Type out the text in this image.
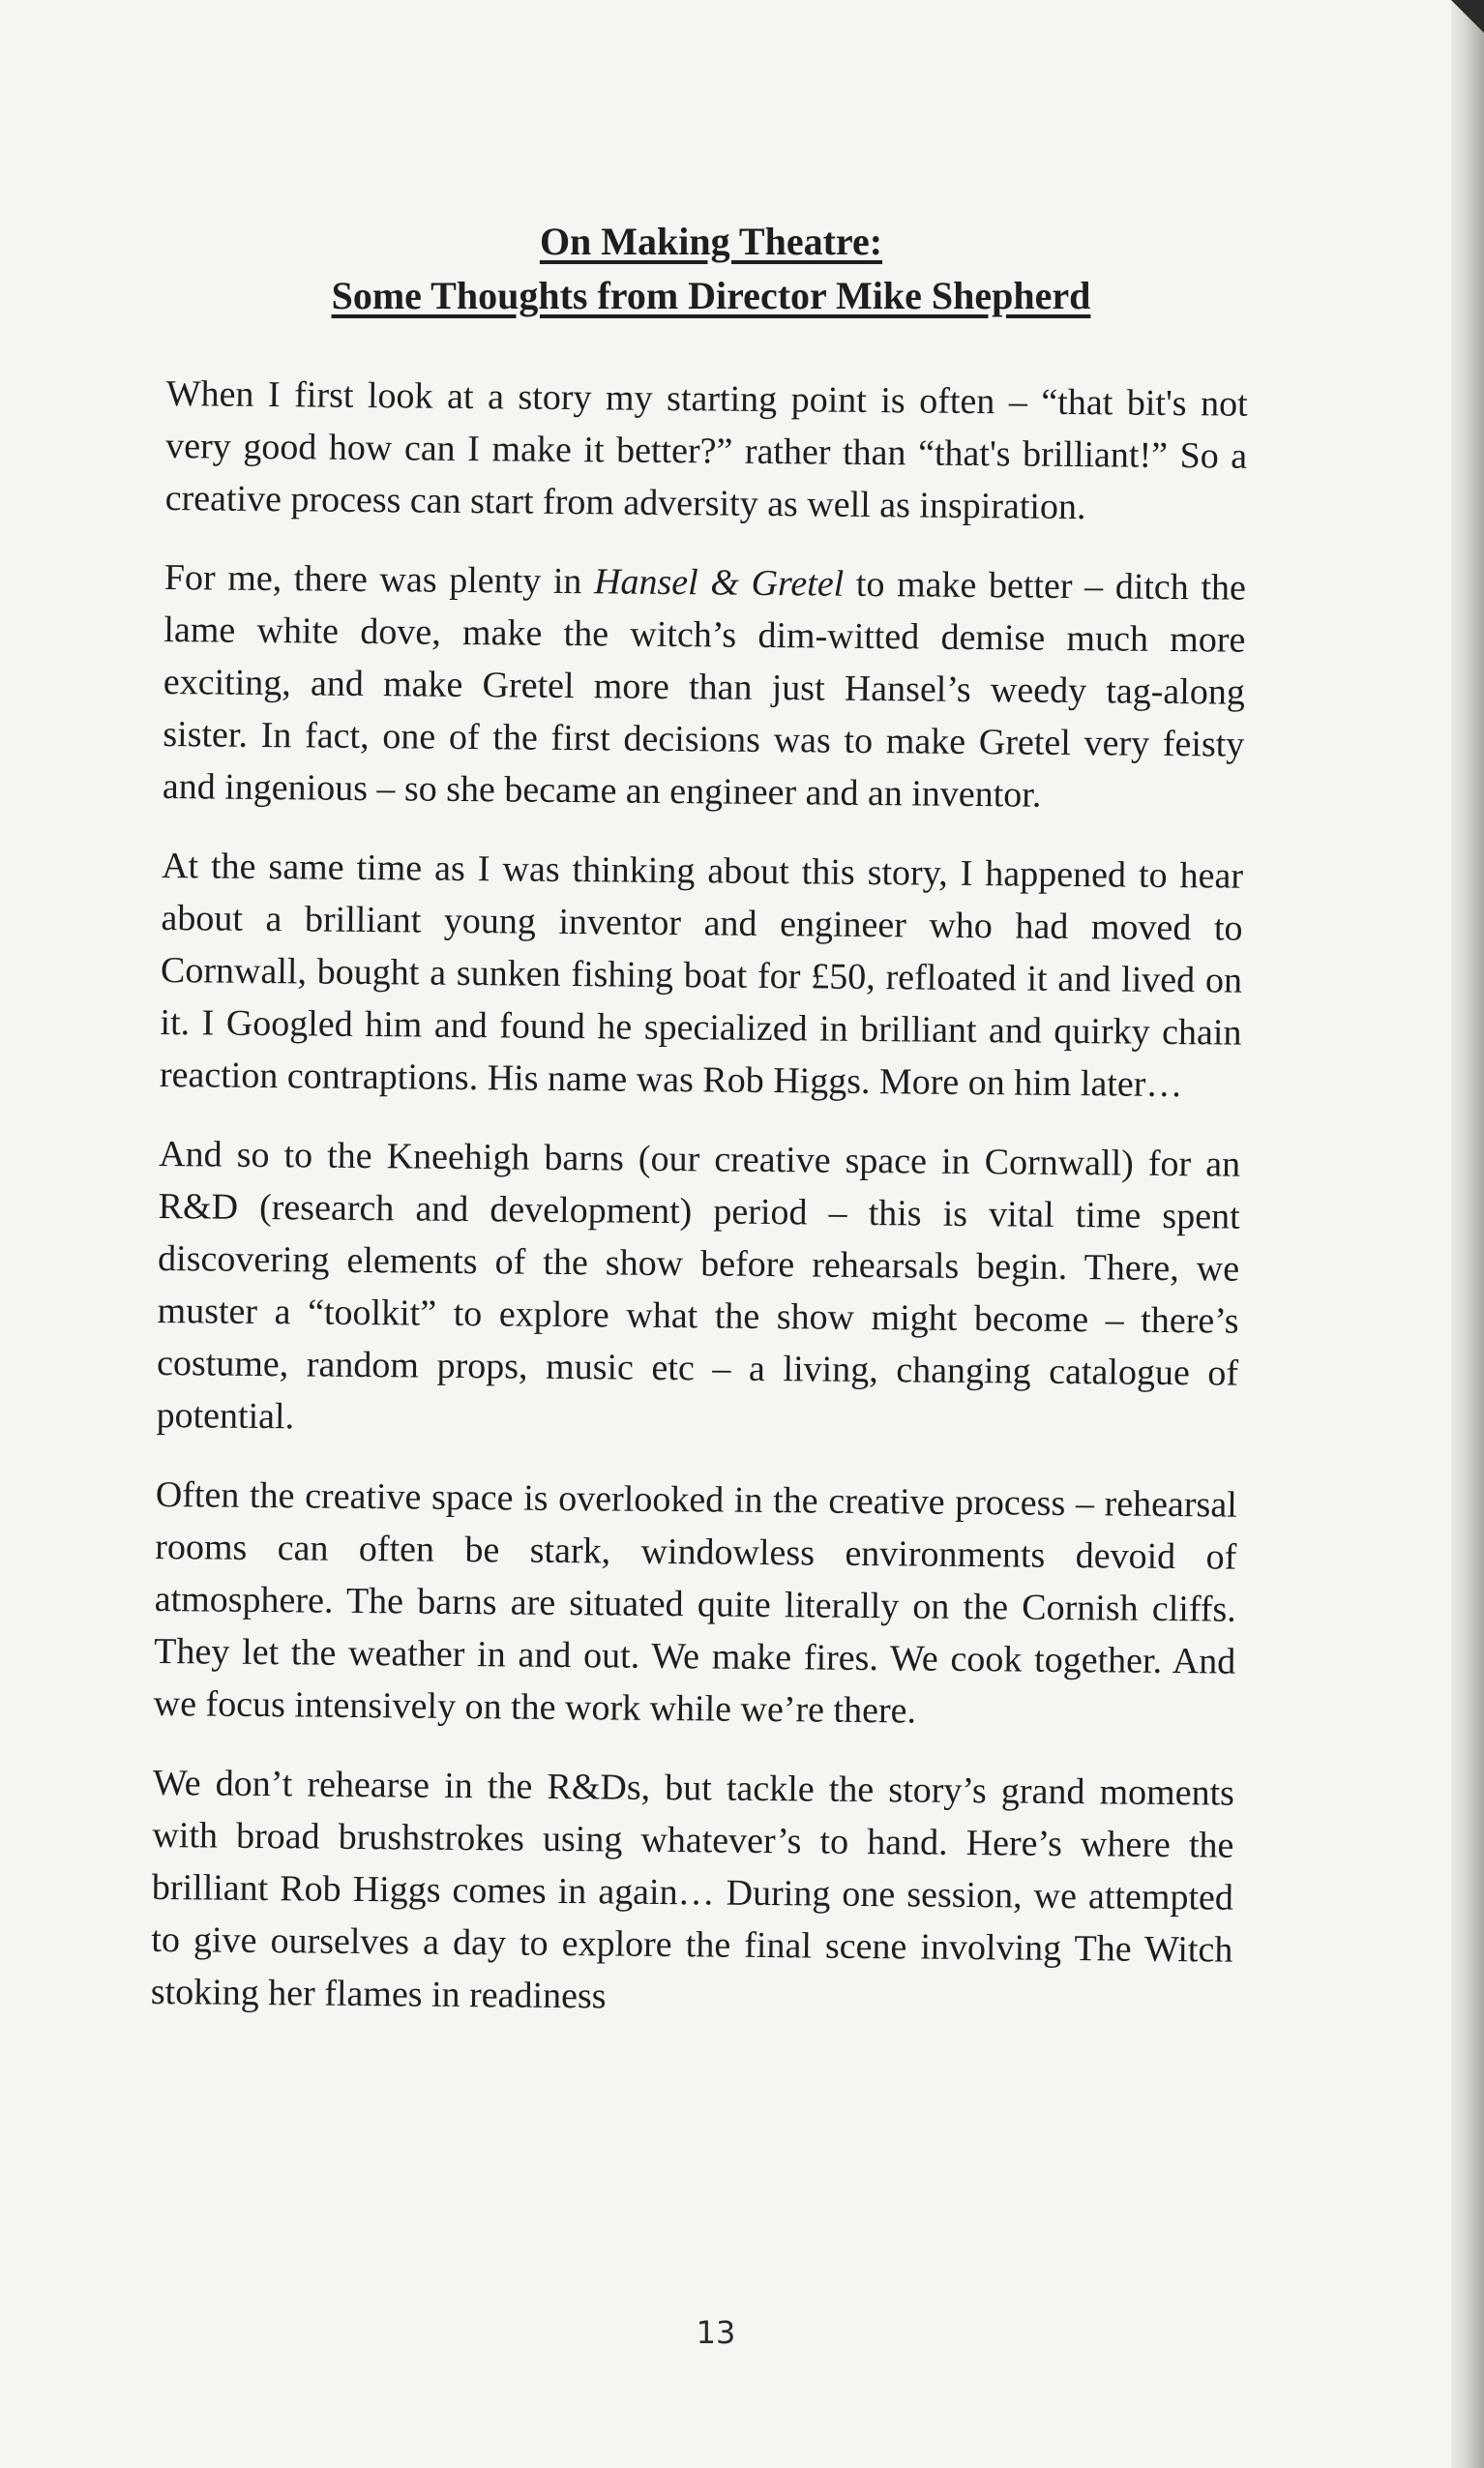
On Making Theatre:
Some Thoughts from Director Mike Shepherd

When I first look at a story my starting point is often – “that bit's not very good how can I make it better?” rather than “that's brilliant!” So a creative process can start from adversity as well as inspiration.

For me, there was plenty in Hansel & Gretel to make better – ditch the lame white dove, make the witch’s dim-witted demise much more exciting, and make Gretel more than just Hansel’s weedy tag-along sister. In fact, one of the first decisions was to make Gretel very feisty and ingenious – so she became an engineer and an inventor.

At the same time as I was thinking about this story, I happened to hear about a brilliant young inventor and engineer who had moved to Cornwall, bought a sunken fishing boat for £50, refloated it and lived on it. I Googled him and found he specialized in brilliant and quirky chain reaction contraptions. His name was Rob Higgs. More on him later…

And so to the Kneehigh barns (our creative space in Cornwall) for an R&D (research and development) period – this is vital time spent discovering elements of the show before rehearsals begin. There, we muster a “toolkit” to explore what the show might become – there’s costume, random props, music etc – a living, changing catalogue of potential.

Often the creative space is overlooked in the creative process – rehearsal rooms can often be stark, windowless environments devoid of atmosphere. The barns are situated quite literally on the Cornish cliffs. They let the weather in and out. We make fires. We cook together. And we focus intensively on the work while we’re there.

We don’t rehearse in the R&Ds, but tackle the story’s grand moments with broad brushstrokes using whatever’s to hand. Here’s where the brilliant Rob Higgs comes in again… During one session, we attempted to give ourselves a day to explore the final scene involving The Witch stoking her flames in readiness

13
